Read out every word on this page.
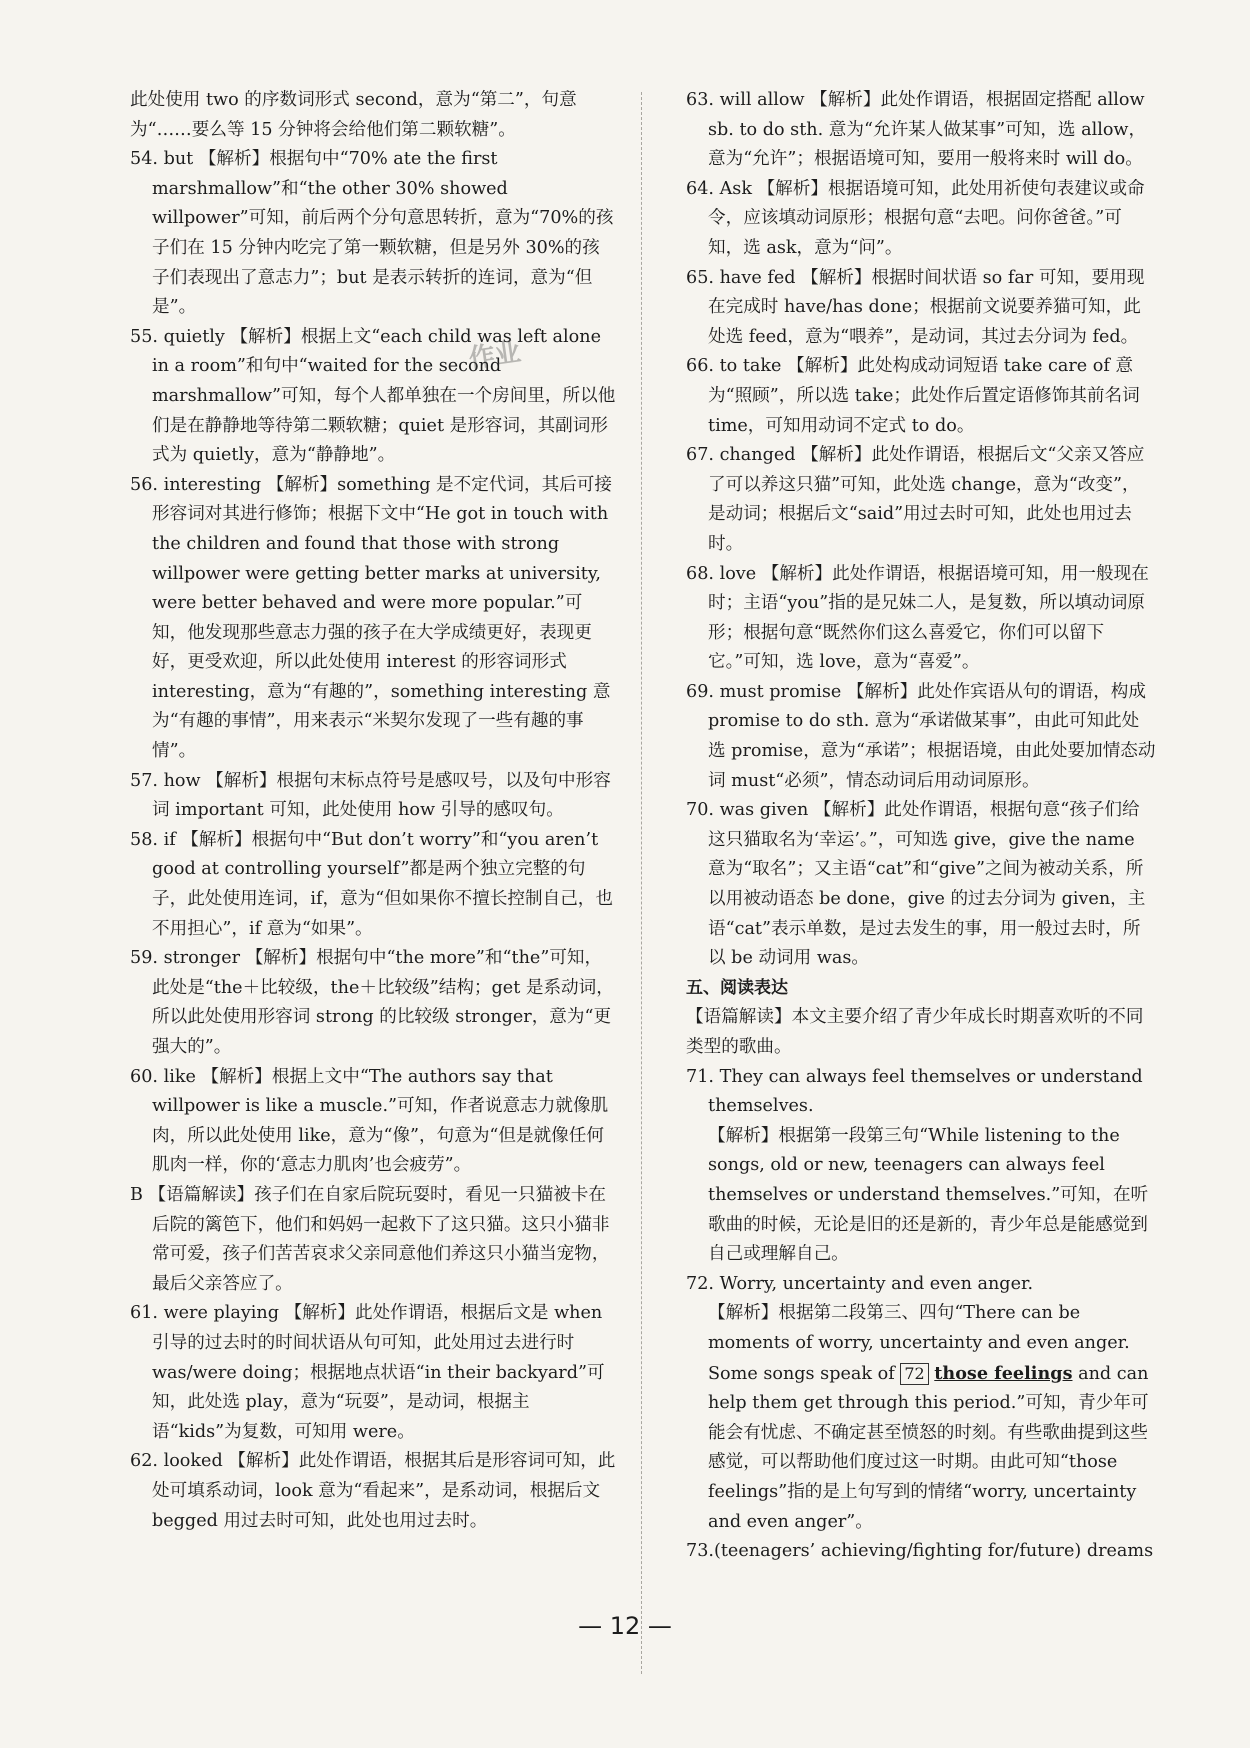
此处使用 two 的序数词形式 second，意为“第二”，句意为“……要么等 15 分钟将会给他们第二颗软糖”。

54. but 【解析】根据句中“70% ate the first marshmallow”和“the other 30% showed willpower”可知，前后两个分句意思转折，意为“70%的孩子们在 15 分钟内吃完了第一颗软糖，但是另外 30%的孩子们表现出了意志力”；but 是表示转折的连词，意为“但是”。

55. quietly 【解析】根据上文“each child was left alone in a room”和句中“waited for the second marshmallow”可知，每个人都单独在一个房间里，所以他们是在静静地等待第二颗软糖；quiet 是形容词，其副词形式为 quietly，意为“静静地”。

56. interesting 【解析】something 是不定代词，其后可接形容词对其进行修饰；根据下文中“He got in touch with the children and found that those with strong willpower were getting better marks at university, were better behaved and were more popular.”可知，他发现那些意志力强的孩子在大学成绩更好，表现更好，更受欢迎，所以此处使用 interest 的形容词形式 interesting，意为“有趣的”，something interesting 意为“有趣的事情”，用来表示“米契尔发现了一些有趣的事情”。

57. how 【解析】根据句末标点符号是感叹号，以及句中形容词 important 可知，此处使用 how 引导的感叹句。

58. if 【解析】根据句中“But don’t worry”和“you aren’t good at controlling yourself”都是两个独立完整的句子，此处使用连词，if，意为“但如果你不擅长控制自己，也不用担心”，if 意为“如果”。

59. stronger 【解析】根据句中“the more”和“the”可知，此处是“the＋比较级，the＋比较级”结构；get 是系动词，所以此处使用形容词 strong 的比较级 stronger，意为“更强大的”。

60. like 【解析】根据上文中“The authors say that willpower is like a muscle.”可知，作者说意志力就像肌肉，所以此处使用 like，意为“像”，句意为“但是就像任何肌肉一样，你的‘意志力肌肉’也会疲劳”。

B 【语篇解读】孩子们在自家后院玩耍时，看见一只猫被卡在后院的篱笆下，他们和妈妈一起救下了这只猫。这只小猫非常可爱，孩子们苦苦哀求父亲同意他们养这只小猫当宠物，最后父亲答应了。

61. were playing 【解析】此处作谓语，根据后文是 when 引导的过去时的时间状语从句可知，此处用过去进行时 was/were doing；根据地点状语“in their backyard”可知，此处选 play，意为“玩耍”，是动词，根据主语“kids”为复数，可知用 were。

62. looked 【解析】此处作谓语，根据其后是形容词可知，此处可填系动词，look 意为“看起来”，是系动词，根据后文 begged 用过去时可知，此处也用过去时。

63. will allow 【解析】此处作谓语，根据固定搭配 allow sb. to do sth. 意为“允许某人做某事”可知，选 allow，意为“允许”；根据语境可知，要用一般将来时 will do。

64. Ask 【解析】根据语境可知，此处用祈使句表建议或命令，应该填动词原形；根据句意“去吧。问你爸爸。”可知，选 ask，意为“问”。

65. have fed 【解析】根据时间状语 so far 可知，要用现在完成时 have/has done；根据前文说要养猫可知，此处选 feed，意为“喂养”，是动词，其过去分词为 fed。

66. to take 【解析】此处构成动词短语 take care of 意为“照顾”，所以选 take；此处作后置定语修饰其前名词 time，可知用动词不定式 to do。

67. changed 【解析】此处作谓语，根据后文“父亲又答应了可以养这只猫”可知，此处选 change，意为“改变”，是动词；根据后文“said”用过去时可知，此处也用过去时。

68. love 【解析】此处作谓语，根据语境可知，用一般现在时；主语“you”指的是兄妹二人，是复数，所以填动词原形；根据句意“既然你们这么喜爱它，你们可以留下它。”可知，选 love，意为“喜爱”。

69. must promise 【解析】此处作宾语从句的谓语，构成 promise to do sth. 意为“承诺做某事”，由此可知此处选 promise，意为“承诺”；根据语境，由此处要加情态动词 must“必须”，情态动词后用动词原形。

70. was given 【解析】此处作谓语，根据句意“孩子们给这只猫取名为‘幸运’。”，可知选 give，give the name 意为“取名”；又主语“cat”和“give”之间为被动关系，所以用被动语态 be done，give 的过去分词为 given，主语“cat”表示单数，是过去发生的事，用一般过去时，所以 be 动词用 was。

五、阅读表达

【语篇解读】本文主要介绍了青少年成长时期喜欢听的不同类型的歌曲。

71. They can always feel themselves or understand themselves.

【解析】根据第一段第三句“While listening to the songs, old or new, teenagers can always feel themselves or understand themselves.”可知，在听歌曲的时候，无论是旧的还是新的，青少年总是能感觉到自己或理解自己。

72. Worry, uncertainty and even anger.

【解析】根据第二段第三、四句“There can be moments of worry, uncertainty and even anger. Some songs speak of 72 those feelings and can help them get through this period.”可知，青少年可能会有忧虑、不确定甚至愤怒的时刻。有些歌曲提到这些感觉，可以帮助他们度过这一时期。由此可知“those feelings”指的是上句写到的情绪“worry, uncertainty and even anger”。

73.(teenagers’ achieving/fighting for/future) dreams

作业
— 12 —
